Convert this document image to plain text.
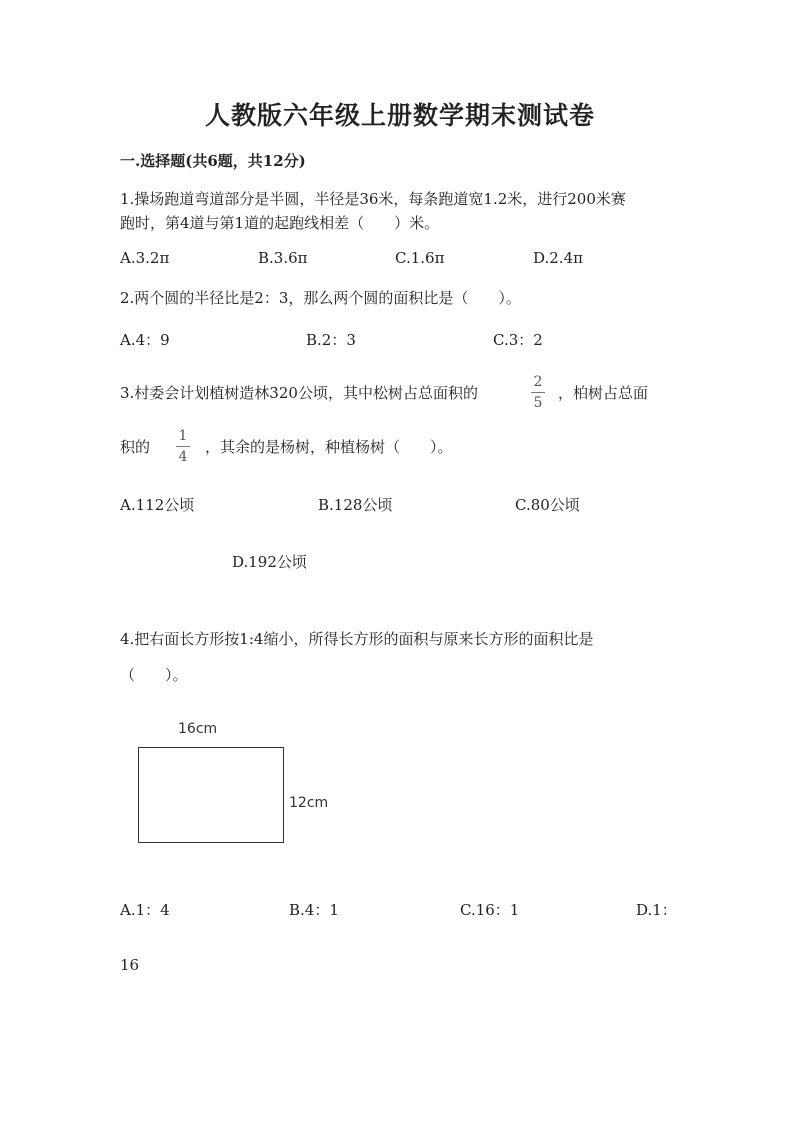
人教版六年级上册数学期末测试卷
一.选择题(共6题，共12分)
1.操场跑道弯道部分是半圆，半径是36米，每条跑道宽1.2米，进行200米赛
跑时，第4道与第1道的起跑线相差（　　）米。
A.3.2π	B.3.6π	C.1.6π	D.2.4π
2.两个圆的半径比是2：3，那么两个圆的面积比是（　　）。
A.4：9	B.2：3	C.3：2
3.村委会计划植树造林320公顷，其中松树占总面积的
2
5
，柏树占总面
积的
1
4
，其余的是杨树，种植杨树（　　）。
A.112公顷	B.128公顷	C.80公顷
D.192公顷
4.把右面长方形按1:4缩小，所得长方形的面积与原来长方形的面积比是
（　　）。
16cm
12cm
A.1：4	B.4：1	C.16：1	D.1：
16
